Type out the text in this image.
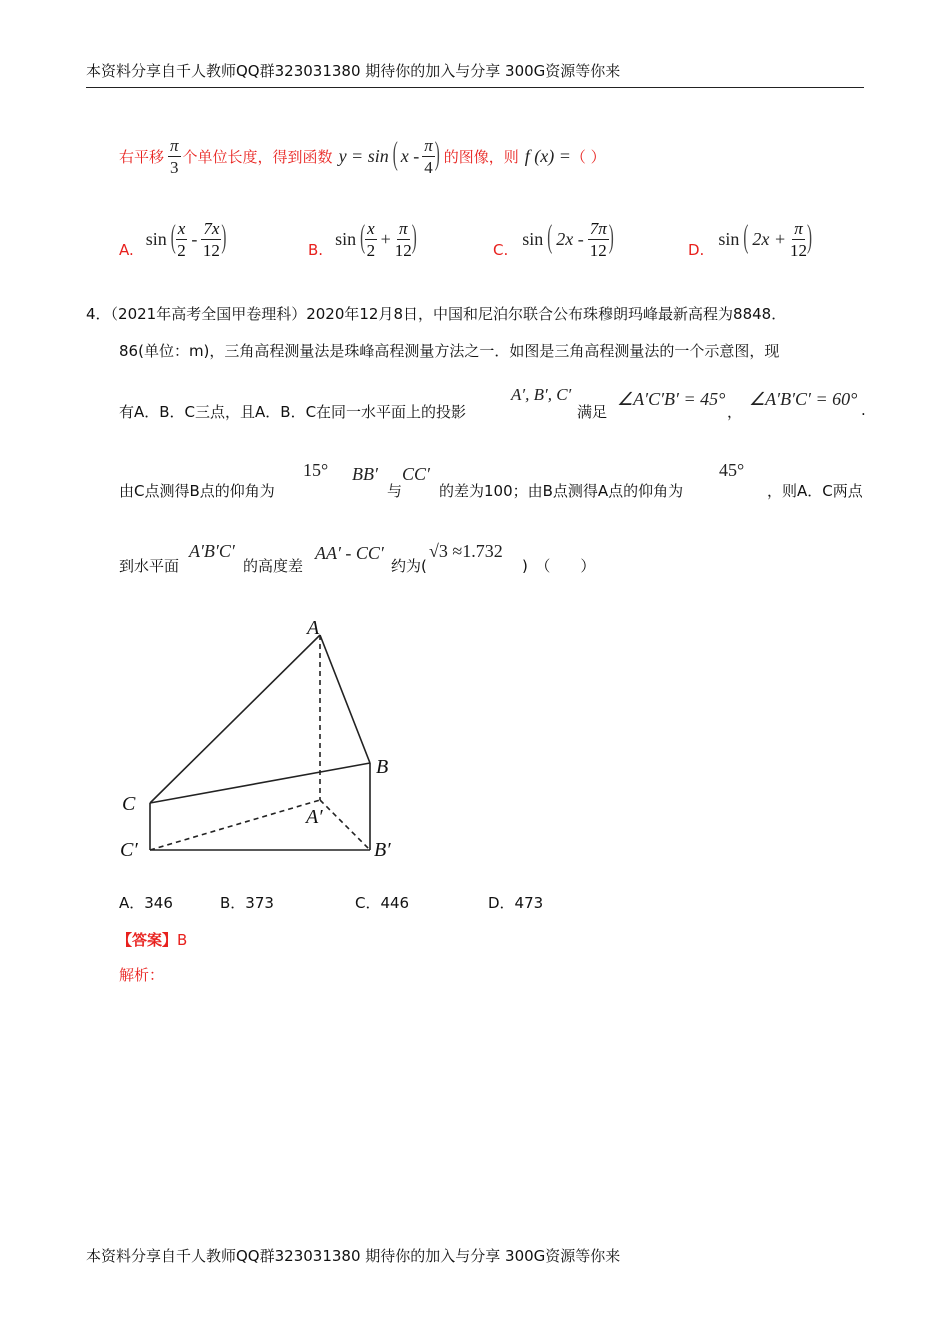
本资料分享自千人教师QQ群323031380 期待你的加入与分享 300G资源等你来
右平移 $\frac{\pi}{3}$ 个单位长度，得到函数 y = sin ( x - $\frac{\pi}{4}$ ) 的图像，则 f (x) = （ ）
A.
sin ( $\frac{x}{2} - \frac{7x}{12}$ )	B.
sin ( $\frac{x}{2} + \frac{\pi}{12}$ )	C.
sin ( $2x - \frac{7\pi}{12}$ )	D.
sin ( $2x + \frac{\pi}{12}$ )
4．（2021年高考全国甲卷理科）2020年12月8日，中国和尼泊尔联合公布珠穆朗玛峰最新高程为8848．
86(单位：m)，三角高程测量法是珠峰高程测量方法之一．如图是三角高程测量法的一个示意图，现
有A．B．C三点，且A．B．C在同一水平面上的投影
A′, B′, C′
满足
∠A′C′B′ = 45°
，
∠A′B′C′ = 60°
.
由C点测得B点的仰角为
15° BB′
与
CC′
的差为100；由B点测得A点的仰角为
45°
，则A．C两点
到水平面
A′B′C′
的高度差
AA′ - CC′
约为(
√3 ≈1.732
)　（　　）
A
B
C
A′
B′
C′
A．346	B．373	C．446	D．473
【答案】B
解析：
本资料分享自千人教师QQ群323031380 期待你的加入与分享 300G资源等你来
